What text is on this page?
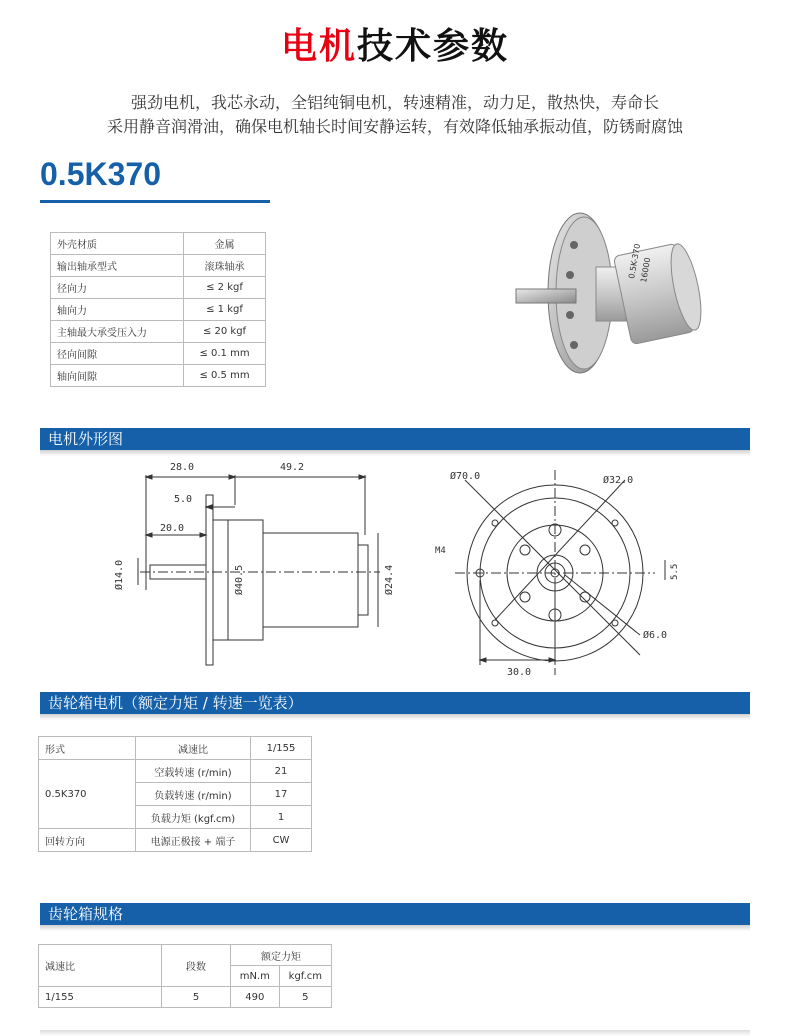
电机技术参数
强劲电机，我芯永动，全铝纯铜电机，转速精准，动力足，散热快，寿命长
采用静音润滑油，确保电机轴长时间安静运转，有效降低轴承振动值，防锈耐腐蚀
0.5K370
外壳材质	金属
输出轴承型式	滚珠轴承
径向力	≤ 2 kgf
轴向力	≤ 1 kgf
主轴最大承受压入力	≤ 20 kgf
径向间隙	≤ 0.1 mm
轴向间隙	≤ 0.5 mm
0.5K-370
16000
电机外形图
28.0	49.2
5.0
20.0
Ø14.0	Ø40.5	Ø24.4
Ø70.0	Ø32.0
M4
5.5
Ø6.0
30.0
齿轮箱电机（额定力矩 / 转速一览表）
形式	减速比	1/155
0.5K370	空载转速 (r/min)	21
	负载转速 (r/min)	17
	负载力矩 (kgf.cm)	1
回转方向	电源正极接 + 端子	CW
齿轮箱规格
减速比	段数	额定力矩	
		mN.m	kgf.cm
1/155	5	490	5
